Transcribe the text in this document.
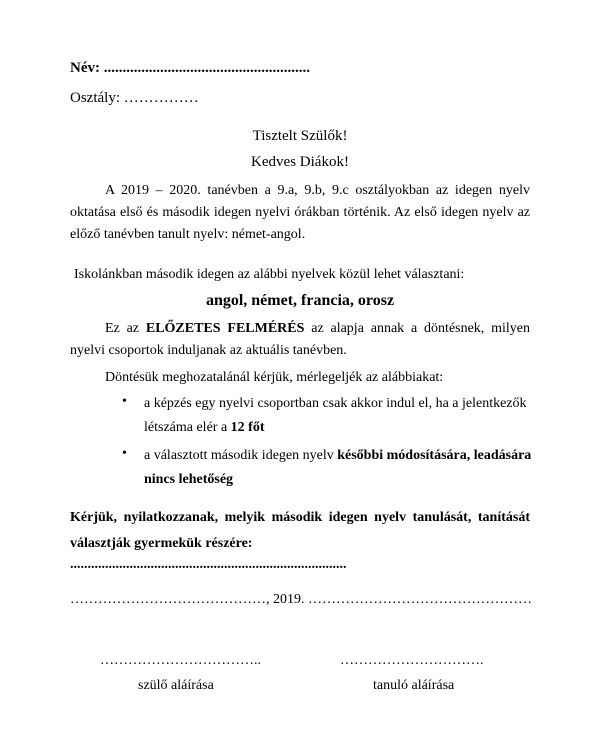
Név: .......................................................
Osztály: ……………
Tisztelt Szülők!
Kedves Diákok!
A 2019 – 2020. tanévben a 9.a, 9.b, 9.c osztályokban az idegen nyelv oktatása első és második idegen nyelvi órákban történik. Az első idegen nyelv az előző tanévben tanult nyelv: német-angol.
Iskolánkban második idegen az alábbi nyelvek közül lehet választani:
angol, német, francia, orosz
Ez az ELŐZETES FELMÉRÉS az alapja annak a döntésnek, milyen nyelvi csoportok induljanak az aktuális tanévben.
Döntésük meghozatalánál kérjük, mérlegeljék az alábbiakat:
• a képzés egy nyelvi csoportban csak akkor indul el, ha a jelentkezők létszáma elér a 12 főt
• a választott második idegen nyelv későbbi módosítására, leadására nincs lehetőség
Kérjük, nyilatkozzanak, melyik második idegen nyelv tanulását, tanítását választják gyermekük részére:
...............................................................................
……………………………………, 2019. …………………………………………
……………………………..	………………………….
szülő aláírása	tanuló aláírása
